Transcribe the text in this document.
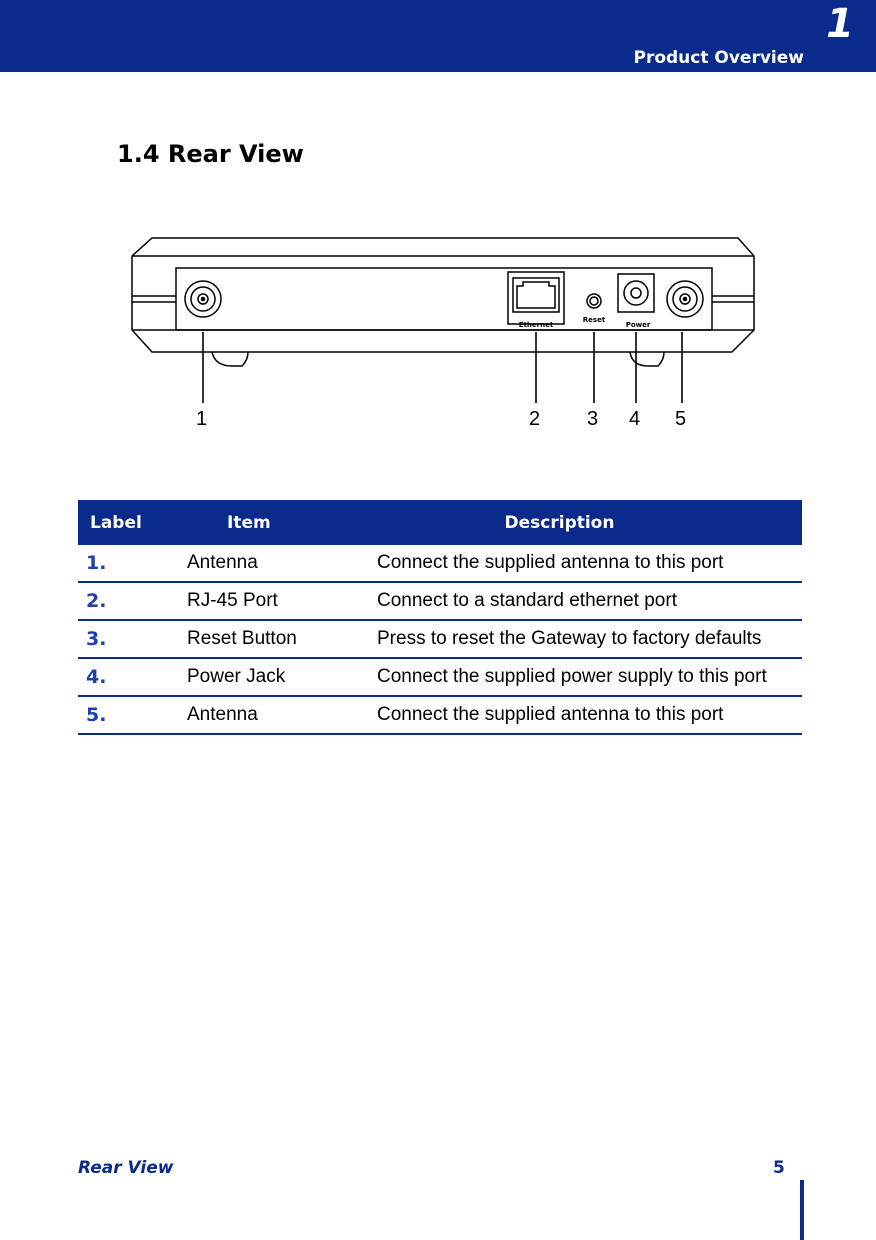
1
Product Overview
1.4 Rear View
Ethernet
Reset
Power
1	2 3 4 5
Label	Item	Description
1.	Antenna	Connect the supplied antenna to this port
2.	RJ-45 Port	Connect to a standard ethernet port
3.	Reset Button	Press to reset the Gateway to factory defaults
4.	Power Jack	Connect the supplied power supply to this port
5.	Antenna	Connect the supplied antenna to this port
Rear View	5
